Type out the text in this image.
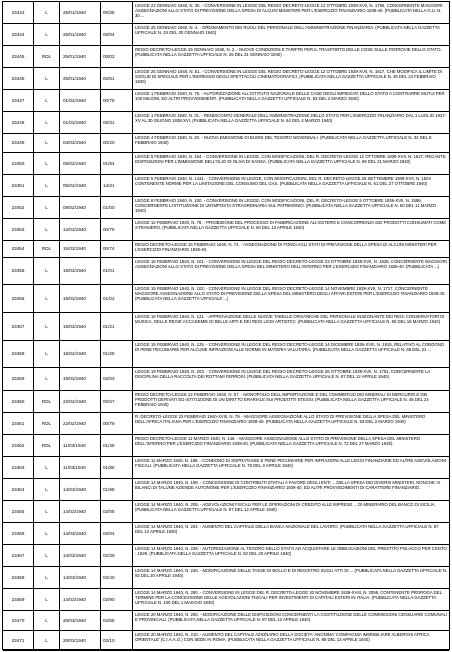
23443	L	25/01/1940	00/35
LEGGE 22 GENNAIO 1940, N. 35. - CONVERSIONE IN LEGGE DEL REGIO DECRETO-LEGGE 12 OTTOBRE 1939-XVII, N. 1755, CONCERNENTE MAGGIORI ASSEGNAZIONI ALLO STATO DI PREVISIONE DELLA SPESA DI ALCUNI MINISTERI PER L'ESERCIZIO FINANZIARIO 1939-40. (PUBBLICATA NELLA G.U. N. 30 ...
23444	L	25/01/1940	00/04
LEGGE 25 GENNAIO 1940, N. 4. - ORDINAMENTO DEI RUOLI DEL PERSONALE DELL'AMMINISTRAZIONE FINANZIARIA. (PUBBLICATA NELLA GAZZETTA UFFICIALE N. 24 DEL 30 GENNAIO 1940)
23445	RDL	25/01/1940	00/02
REGIO DECRETO-LEGGE 25 GENNAIO 1940, N. 2. - NUOVE CONDIZIONI E TARIFFE PER IL TRASPORTO DELLE COSE SULLE FERROVIE DELLO STATO. (PUBBLICATA NELLA GAZZETTA UFFICIALE N. 25 DEL 31 GENNAIO 1940)
23446	L	25/01/1940	00/51
LEGGE 25 GENNAIO 1940, N. 51. - CONVERSIONE IN LEGGE DEL REGIO DECRETO-LEGGE 12 OTTOBRE 1939-XVII, N. 1617, CHE MODIFICA IL LIMITE DI SOGLIE DI SPECIALE PER L'INGRESSO DEGLI SPETTACOLI CINEMATOGRAFICI. (PUBBLICATA NELLA GAZZETTA UFFICIALE N. 46 DEL 24 FEBBRAIO 1940)
23447	L	01/02/1940	00/78
LEGGE 1 FEBBRAIO 1940, N. 78. - AUTORIZZAZIONE ALL'ISTITUTO NAZIONALE DELLE CASE DEGLI IMPIEGATI DELLO STATO A CONTRARRE MUTUI PER 100 MILIONI, ED ALTRI PROVVEDIMENTI. (PUBBLICATA NELLA GAZZETTA UFFICIALE N. 53 DEL 2 MARZO 1940)
23448	L	01/02/1940	00/31
LEGGE 1 FEBBRAIO 1940, N. 31. - RENDICONTO GENERALE DELL'AMMINISTRAZIONE DELLO STATO PER L'ESERCIZIO FINANZIARIO DAL 1 LUGLIO 1937-XV AL 30 GIUGNO 1938-XVI. (PUBBLICATA NELLA GAZZETTA UFFICIALE N. 54 DEL 4 MARZO 1940)
23449	L	04/02/1940	00/20
LEGGE 4 FEBBRAIO 1940, N. 20. - NUOVA EMISSIONE DI BUONI DEL TESORO NOVENNALI. (PUBBLICATA NELLA GAZZETTA UFFICIALE N. 32 DEL 8 FEBBRAIO 1940)
23450	L	05/02/1940	01/64
LEGGE 5 FEBBRAIO 1940, N. 164. - CONVERSIONE IN LEGGE, CON MODIFICAZIONI, DEL R. DECRETO-LEGGE 12 OTTOBRE 1939-XVII, N. 1627, RECANTE DISPOSIZIONI PER L'IMMISSIONE DELL'OLIO DI OLIVA DI SANSA. (PUBBLICATA NELLA GAZZETTA UFFICIALE N. 69 DEL 21 MARZO 1940)
23451	L	05/02/1940	14/31
LEGGE 5 FEBBRAIO 1940, N. 1431. - CONVERSIONE IN LEGGE, CON MODIFICAZIONI, DEL R. DECRETO-LEGGE 25 SETTEMBRE 1939-XVII, N. 1504 CONTENENTE NORME PER LA LIMITAZIONE DEL CONSUMO DEL GAS. (PUBBLICATA NELLA GAZZETTA UFFICIALE N. 61 DEL 27 OTTOBRE 1940)
23452	L	08/02/1940	01/00
LEGGE 8 FEBBRAIO 1940, N. 100. - CONVERSIONE IN LEGGE, CON MODIFICAZIONI, DEL R. DECRETO-LEGGE 5 OTTOBRE 1939-XVII, N. 1596, CONCERNENTE L'ISTITUZIONE DI UN'IMPOSTA STRAORDINARIA SUL PATRIMONIO. (PUBBLICATA NELLA GAZZETTA UFFICIALE N. 60 DEL 11 MARZO 1940)
23453	L	12/02/1940	00/75
LEGGE 12 FEBBRAIO 1940, N. 75. - PROIBIZIONE DEL PROCESSO DI FABBRICAZIONE ALL'ESTERO E CONCORRENZA DEI PRODOTTI CONSUMATI COME STRANIERO. (PUBBLICATA NELLA GAZZETTA UFFICIALE N. 50 DEL 13 APRILE 1940)
23454	RDL	15/02/1940	00/74
REGIO DECRETO-LEGGE 15 FEBBRAIO 1940, N. 74. - ASSEGNAZIONE DI FONDI AGLI STATI DI PREVISIONE DELLA SPESA DI ALCUNI MINISTERI PER L'ESERCIZIO FINANZIARIO 1939-40.
23455	L	15/02/1940	01/01
LEGGE 15 FEBBRAIO 1940, N. 101. - CONVERSIONE IN LEGGE DEL REGIO DECRETO-LEGGE 23 OTTOBRE 1939-XVII, N. 1628, CONCERNENTE MAGGIORI ASSEGNAZIONI ALLO STATO DI PREVISIONE DELLA SPESA DEL MINISTERO DELL'INTERNO PER L'ESERCIZIO FINANZIARIO 1939-40. (PUBBLICATA ...)
23456	L	15/02/1940	01/02
LEGGE 15 FEBBRAIO 1940, N. 102. - CONVERSIONE IN LEGGE DEL REGIO DECRETO-LEGGE 14 NOVEMBRE 1939-XVII, N. 1717, CONCERNENTE MAGGIORE ASSEGNAZIONE ALLO STATO DI PREVISIONE DELLA SPESA DEL MINISTERO DEGLI AFFARI ESTERI PER L'ESERCIZIO FINANZIARIO 1939-40. (PUBBLICATA NELLA GAZZETTA UFFICIALE ...)
23457	L	15/02/1940	01/21
LEGGE 15 FEBBRAIO 1940, N. 121. - APPROVAZIONE DELLE NUOVE TABELLE ORGANICHE DEL PERSONALE INSEGNANTE DEI REGI CONSERVATORI DI MUSICA, DELLE REGIE ACCADEMIE DI BELLE ARTI E DEI REGI LICEI ARTISTICI. (PUBBLICATA NELLA GAZZETTA UFFICIALE N. 65 DEL 18 MARZO 1940)
23458	L	15/02/1940	01/25
LEGGE 15 FEBBRAIO 1940, N. 125. - CONVERSIONE IN LEGGE DEL REGIO DECRETO-LEGGE 14 DICEMBRE 1939-XVIII, N. 1915, RELATIVO AL CONDONO DI PENE PECUNIARIE PER ALCUNE INFRAZIONI ALLE NORME IN MATERIA VALUTARIA. (PUBBLICATA NELLA GAZZETTA UFFICIALE N. 66 DEL 21 ...
23459	L	19/02/1940	02/03
LEGGE 19 FEBBRAIO 1940, N. 203. - CONVERSIONE IN LEGGE DEL REGIO DECRETO-LEGGE 26 OTTOBRE 1939-XVII, N. 1751, CONCERNENTE LA DISCIPLINA DELLA RACCOLTA DEI ROTTAMI FERROSI. (PUBBLICATA NELLA GAZZETTA UFFICIALE N. 87 DEL 12 APRILE 1940)
23460	RDL	22/02/1940	00/57
REGIO DECRETO-LEGGE 22 FEBBRAIO 1940, N. 57. - MONOPOLIO DELL'IMPORTAZIONE E DEL COMMERCIO DEI MINERALI DI MERCURIO E DEI PRODOTTI DERIVATI ED ISTITUZIONE DI UN DIRITTO ERARIALE SUI PRODOTTI STESSI. (PUBBLICATA NELLA GAZZETTA UFFICIALE N. 46 DEL 24 FEBBRAIO 1940)
23461	RDL	22/02/1940	00/79
R. DECRETO-LEGGE 22 FEBBRAIO 1940-XVIII, N. 79. - MAGGIORE ASSEGNAZIONE ALLO STATO DI PREVISIONE DELLA SPESA DEL MINISTERO DELL'AFRICA ITALIANA PER L'ESERCIZIO FINANZIARIO 1939-40. (PUBBLICATA NELLA GAZZETTA UFFICIALE N. 53 DEL 2 MARZO 1940)
23462	RDL	11/03/1940	01/48
REGIO DECRETO-LEGGE 11 MARZO 1940, N. 148. - MAGGIORE ASSEGNAZIONE ALLO STATO DI PREVISIONE DELLA SPESA DEL MINISTERO DELL'INTERNO PER L'ESERCIZIO FINANZIARIO 1939-40. (PUBBLICATA NELLA GAZZETTA UFFICIALE N. 72 DEL 27 MARZO 1940)
23463	L	11/03/1940	01/86
LEGGE 11 MARZO 1940, N. 186. - CONDONO DI SOPRATASSE E PENE PECUNIARIE PER INFRAZIONI ALLE LEGGI FINANZIARIE ED ALTRE AGEVOLAZIONI FISCALI. (PUBBLICATA NELLA GAZZETTA UFFICIALE N. 76 DEL 3 APRILE 1940)
23464	L	14/03/1940	01/98
LEGGE 14 MARZO 1940, N. 198. - CONCESSIONE DI CONTRIBUTI STATALI A FAVORE DEGLI ENTI ... DELLA SPESA DEI DIVERSI MINISTERI, NONCHE' AI BILANCI DI TALUNE AZIENDE AUTONOME PER L'ESERCIZIO FINANZIARIO 1939-40, ED ALTRI PROVVEDIMENTI DI CARATTERE FINANZIARIO.
23465	L	14/03/1940	02/05
LEGGE 14 MARZO 1940, N. 205. - AGEVOLAZIONI FISCALI PER LE OPERAZIONI DI CREDITO ALLE IMPRESE ... DI MINERARIO DEL BANCO DI SICILIA. (PUBBLICATA NELLA GAZZETTA UFFICIALE N. 87 DEL 12 APRILE 1940)
23466	L	14/03/1940	02/04
LEGGE 14 MARZO 1940, N. 204. - AUMENTO DEL CAPITALE DELLA BANCA NAZIONALE DEL LAVORO. (PUBBLICATA NELLA GAZZETTA UFFICIALE N. 87 DEL 12 APRILE 1940)
23467	L	14/03/1940	02/39
LEGGE 14 MARZO 1940, N. 239. - AUTORIZZAZIONE AL TESORO DELLO STATO AD ACQUISTARE LE OBBLIGAZIONI DEL PRESTITO POLACCO PER CENTO - 1926. (PUBBLICATA NELLA GAZZETTA UFFICIALE N. 92 DEL 20 APRILE 1940)
23468	L	14/03/1940	02/40
LEGGE 14 MARZO 1940, N. 240. - MODIFICAZIONE DELLE TASSE DI BOLLO E DI REGISTRO SUGLI ATTI DI ... (PUBBLICATA NELLA GAZZETTA UFFICIALE N. 92 DEL 20 APRILE 1940)
23469	L	14/03/1940	02/90
LEGGE 14 MARZO 1940, N. 290. - CONVERSIONE IN LEGGE DEL R. DECRETO-LEGGE 30 NOVEMBRE 1939-XVIII, N. 2058, CONTENENTE PROROGA DEL TERMINE PER LA CONCESSIONE DELLE AGEVOLAZIONI FISCALI PER INVESTIMENTI DI CAPITALI ESTERI IN ITALIA. (PUBBLICATA NELLA GAZZETTA UFFICIALE N. 100 DEL 1 MAGGIO 1940)
23470	L	20/03/1940	02/55
LEGGE 20 MARZO 1940, N. 255. - MODIFICAZIONE DELLE DISPOSIZIONI CONCERNENTI LA COSTITUZIONE DELLE COMMISSIONI CENSUARIE COMUNALI E PROVINCIALI. (PUBBLICATA NELLA GAZZETTA UFFICIALE N. 87 DEL 12 APRILE 1940)
23471	L	20/03/1940	02/10
LEGGE 20 MARZO 1940, N. 210. - AUMENTO DEL CAPITALE AZIONARIO DELLA SOCIETA' ANONIMA 'COMPAGNIA IMMOBILIARE ALBERGHI AFRICA ORIENTALE' (C.I.A.A.O.) CON SEDE IN ROMA. (PUBBLICATA NELLA GAZZETTA UFFICIALE N. 88 DEL 13 APRILE 1940)
